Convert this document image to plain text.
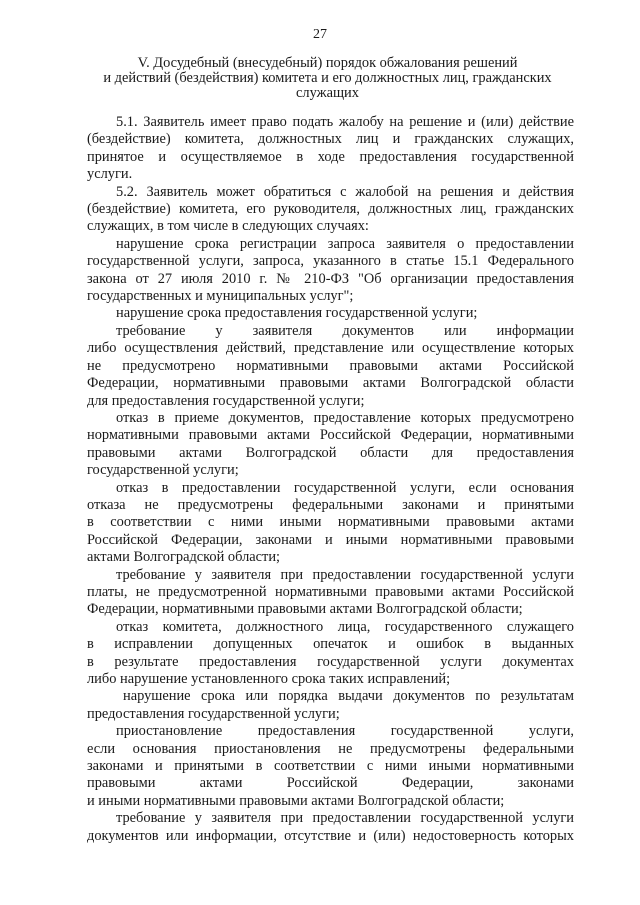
27
V. Досудебный (внесудебный) порядок обжалования решений
и действий (бездействия) комитета и его должностных лиц, гражданских
служащих

5.1. Заявитель имеет право подать жалобу на решение и (или) действие
(бездействие) комитета, должностных лиц и гражданских служащих,
принятое и осуществляемое в ходе предоставления государственной
услуги.

5.2. Заявитель может обратиться с жалобой на решения и действия
(бездействие) комитета, его руководителя, должностных лиц, гражданских
служащих, в том числе в следующих случаях:

нарушение срока регистрации запроса заявителя о предоставлении
государственной услуги, запроса, указанного в статье 15.1 Федерального
закона от 27 июля 2010 г. № 210-ФЗ "Об организации предоставления
государственных и муниципальных услуг";

нарушение срока предоставления государственной услуги;

требование у заявителя документов или информации
либо осуществления действий, представление или осуществление которых
не предусмотрено нормативными правовыми актами Российской
Федерации, нормативными правовыми актами Волгоградской области
для предоставления государственной услуги;

отказ в приеме документов, предоставление которых предусмотрено
нормативными правовыми актами Российской Федерации, нормативными
правовыми актами Волгоградской области для предоставления
государственной услуги;

отказ в предоставлении государственной услуги, если основания
отказа не предусмотрены федеральными законами и принятыми
в соответствии с ними иными нормативными правовыми актами
Российской Федерации, законами и иными нормативными правовыми
актами Волгоградской области;

требование у заявителя при предоставлении государственной услуги
платы, не предусмотренной нормативными правовыми актами Российской
Федерации, нормативными правовыми актами Волгоградской области;

отказ комитета, должностного лица, государственного служащего
в исправлении допущенных опечаток и ошибок в выданных
в результате предоставления государственной услуги документах
либо нарушение установленного срока таких исправлений;

нарушение срока или порядка выдачи документов по результатам
предоставления государственной услуги;

приостановление предоставления государственной услуги,
если основания приостановления не предусмотрены федеральными
законами и принятыми в соответствии с ними иными нормативными
правовыми актами Российской Федерации, законами
и иными нормативными правовыми актами Волгоградской области;

требование у заявителя при предоставлении государственной услуги
документов или информации, отсутствие и (или) недостоверность которых
